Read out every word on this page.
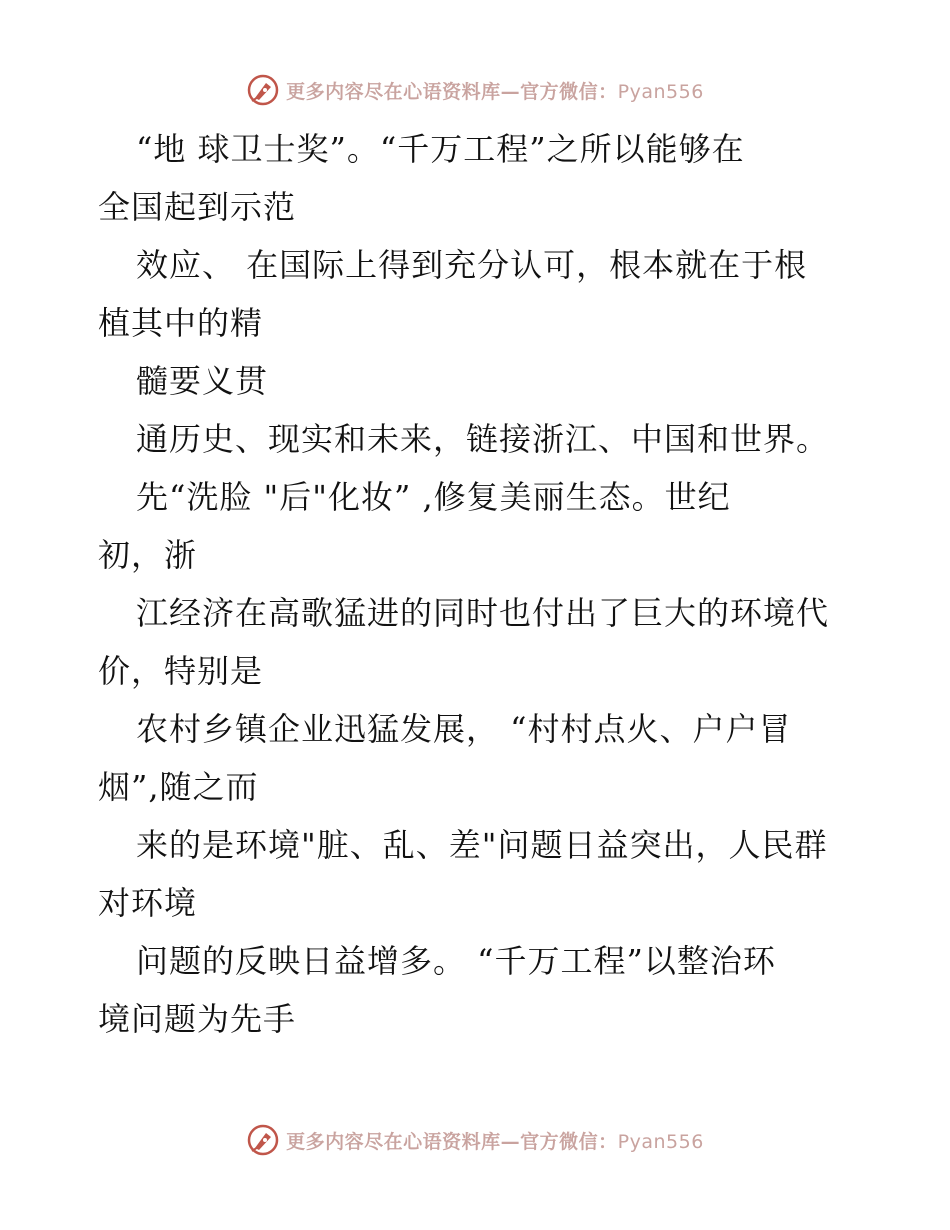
更多内容尽在心语资料库—官方微信：Pyan556
“地 球卫士奖”。“千万工程”之所以能够在
全国起到示范
效应、 在国际上得到充分认可，根本就在于根
植其中的精
髓要义贯
通历史、现实和未来，链接浙江、中国和世界。
先“洗脸 "后"化妆” ,修复美丽生态。世纪
初，浙
江经济在高歌猛进的同时也付出了巨大的环境代
价，特别是
农村乡镇企业迅猛发展， “村村点火、户户冒
烟”,随之而
来的是环境"脏、乱、差"问题日益突出，人民群
对环境
问题的反映日益增多。 “千万工程”以整治环
境问题为先手
更多内容尽在心语资料库—官方微信：Pyan556
